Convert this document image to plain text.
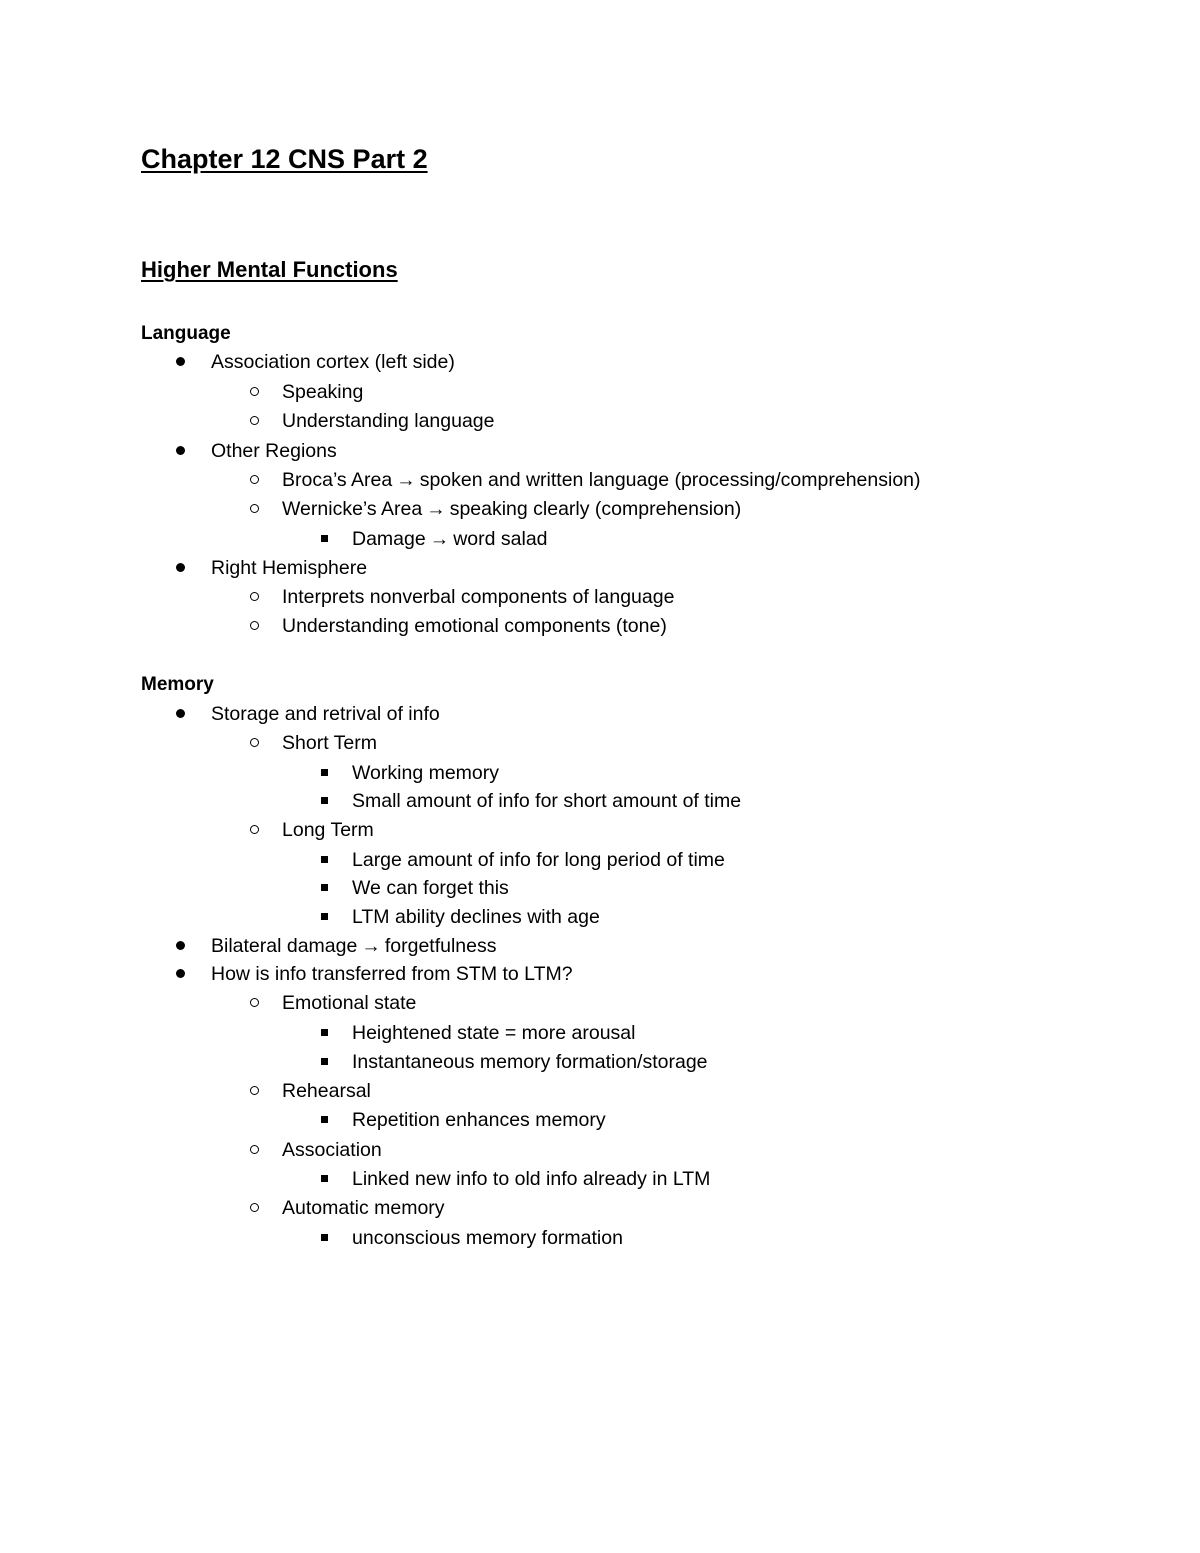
Chapter 12 CNS Part 2
Higher Mental Functions
Language
Association cortex (left side)
Speaking
Understanding language
Other Regions
Broca’s Area → spoken and written language (processing/comprehension)
Wernicke’s Area → speaking clearly (comprehension)
Damage → word salad
Right Hemisphere
Interprets nonverbal components of language
Understanding emotional components (tone)
Memory
Storage and retrival of info
Short Term
Working memory
Small amount of info for short amount of time
Long Term
Large amount of info for long period of time
We can forget this
LTM ability declines with age
Bilateral damage → forgetfulness
How is info transferred from STM to LTM?
Emotional state
Heightened state = more arousal
Instantaneous memory formation/storage
Rehearsal
Repetition enhances memory
Association
Linked new info to old info already in LTM
Automatic memory
unconscious memory formation
